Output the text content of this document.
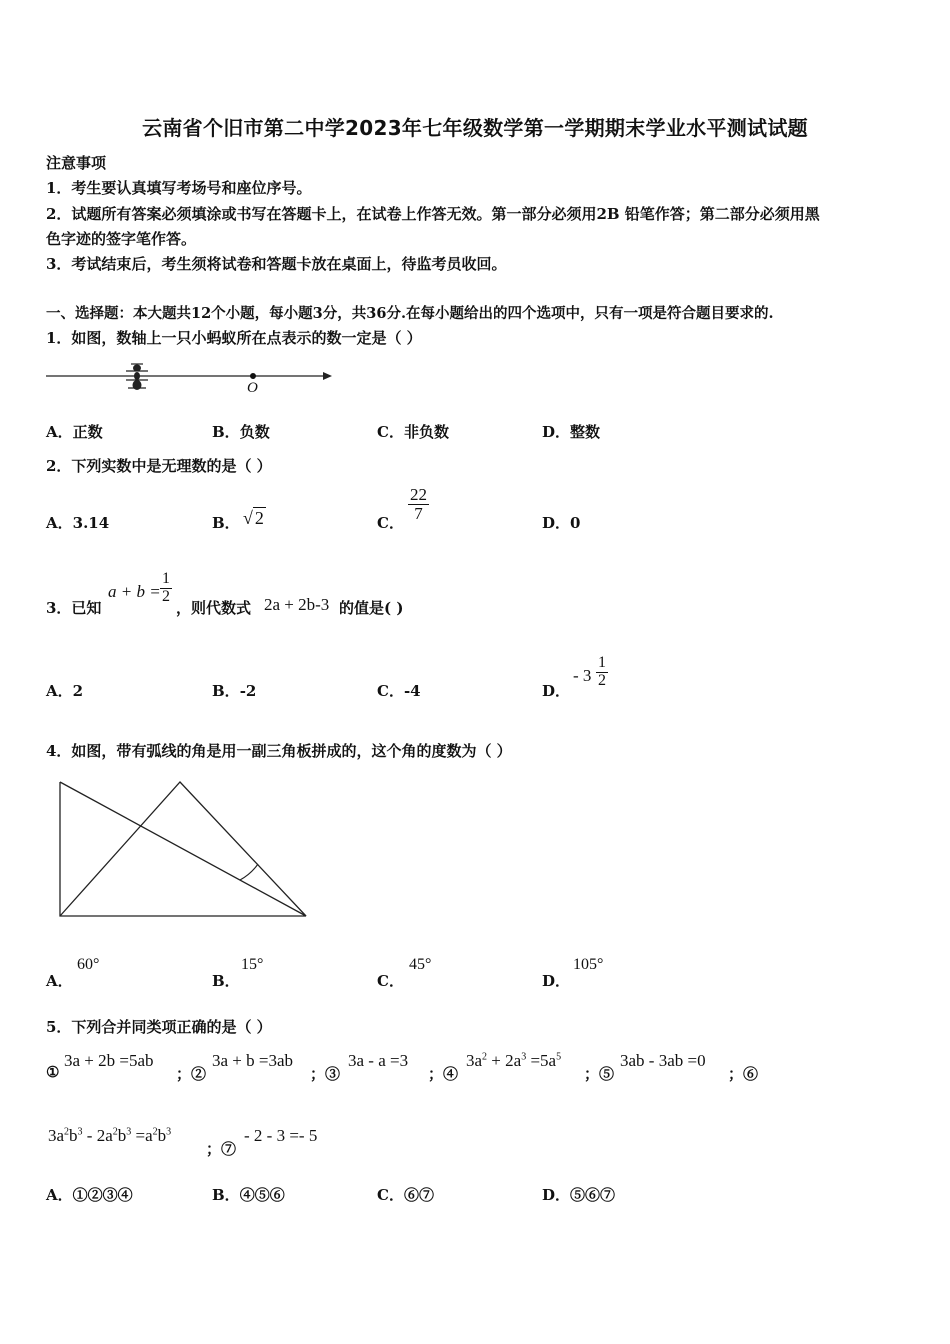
云南省个旧市第二中学2023年七年级数学第一学期期末学业水平测试试题
注意事项
1．考生要认真填写考场号和座位序号。
2．试题所有答案必须填涂或书写在答题卡上，在试卷上作答无效。第一部分必须用2B 铅笔作答；第二部分必须用黑
色字迹的签字笔作答。
3．考试结束后，考生须将试卷和答题卡放在桌面上，待监考员收回。
一、选择题：本大题共12个小题，每小题3分，共36分.在每小题给出的四个选项中，只有一项是符合题目要求的.
1．如图，数轴上一只小蚂蚁所在点表示的数一定是（ ）
O
A．正数	B．负数	C．非负数	D．整数
2．下列实数中是无理数的是（ ）
A．3.14	B． √ 2	C．
$\frac{22}{7}$
D．0
3．已知
$a + b = \frac{1}{2}$
，则代数式 2a + 2b-3 的值是( )
A．2	B．-2	C．-4	D．
- $3 \frac{1}{2}$
4．如图，带有弧线的角是用一副三角板拼成的，这个角的度数为（ ）
A．
60°
B．
15°
C．
45°
D．
105°
5．下列合并同类项正确的是（ ）
①
3a + 2b =5ab
；②
3a + b =3ab
；③
3a - a =3
；④
$3a^2 + 2a^3 =5a^5$
；⑤
3ab - 3ab =0
；⑥
$3a^2b^3 - 2a^2b^3 =a^2b^3$
；⑦
- 2 - 3 =- 5
A．①②③④	B．④⑤⑥	C．⑥⑦	D．⑤⑥⑦
